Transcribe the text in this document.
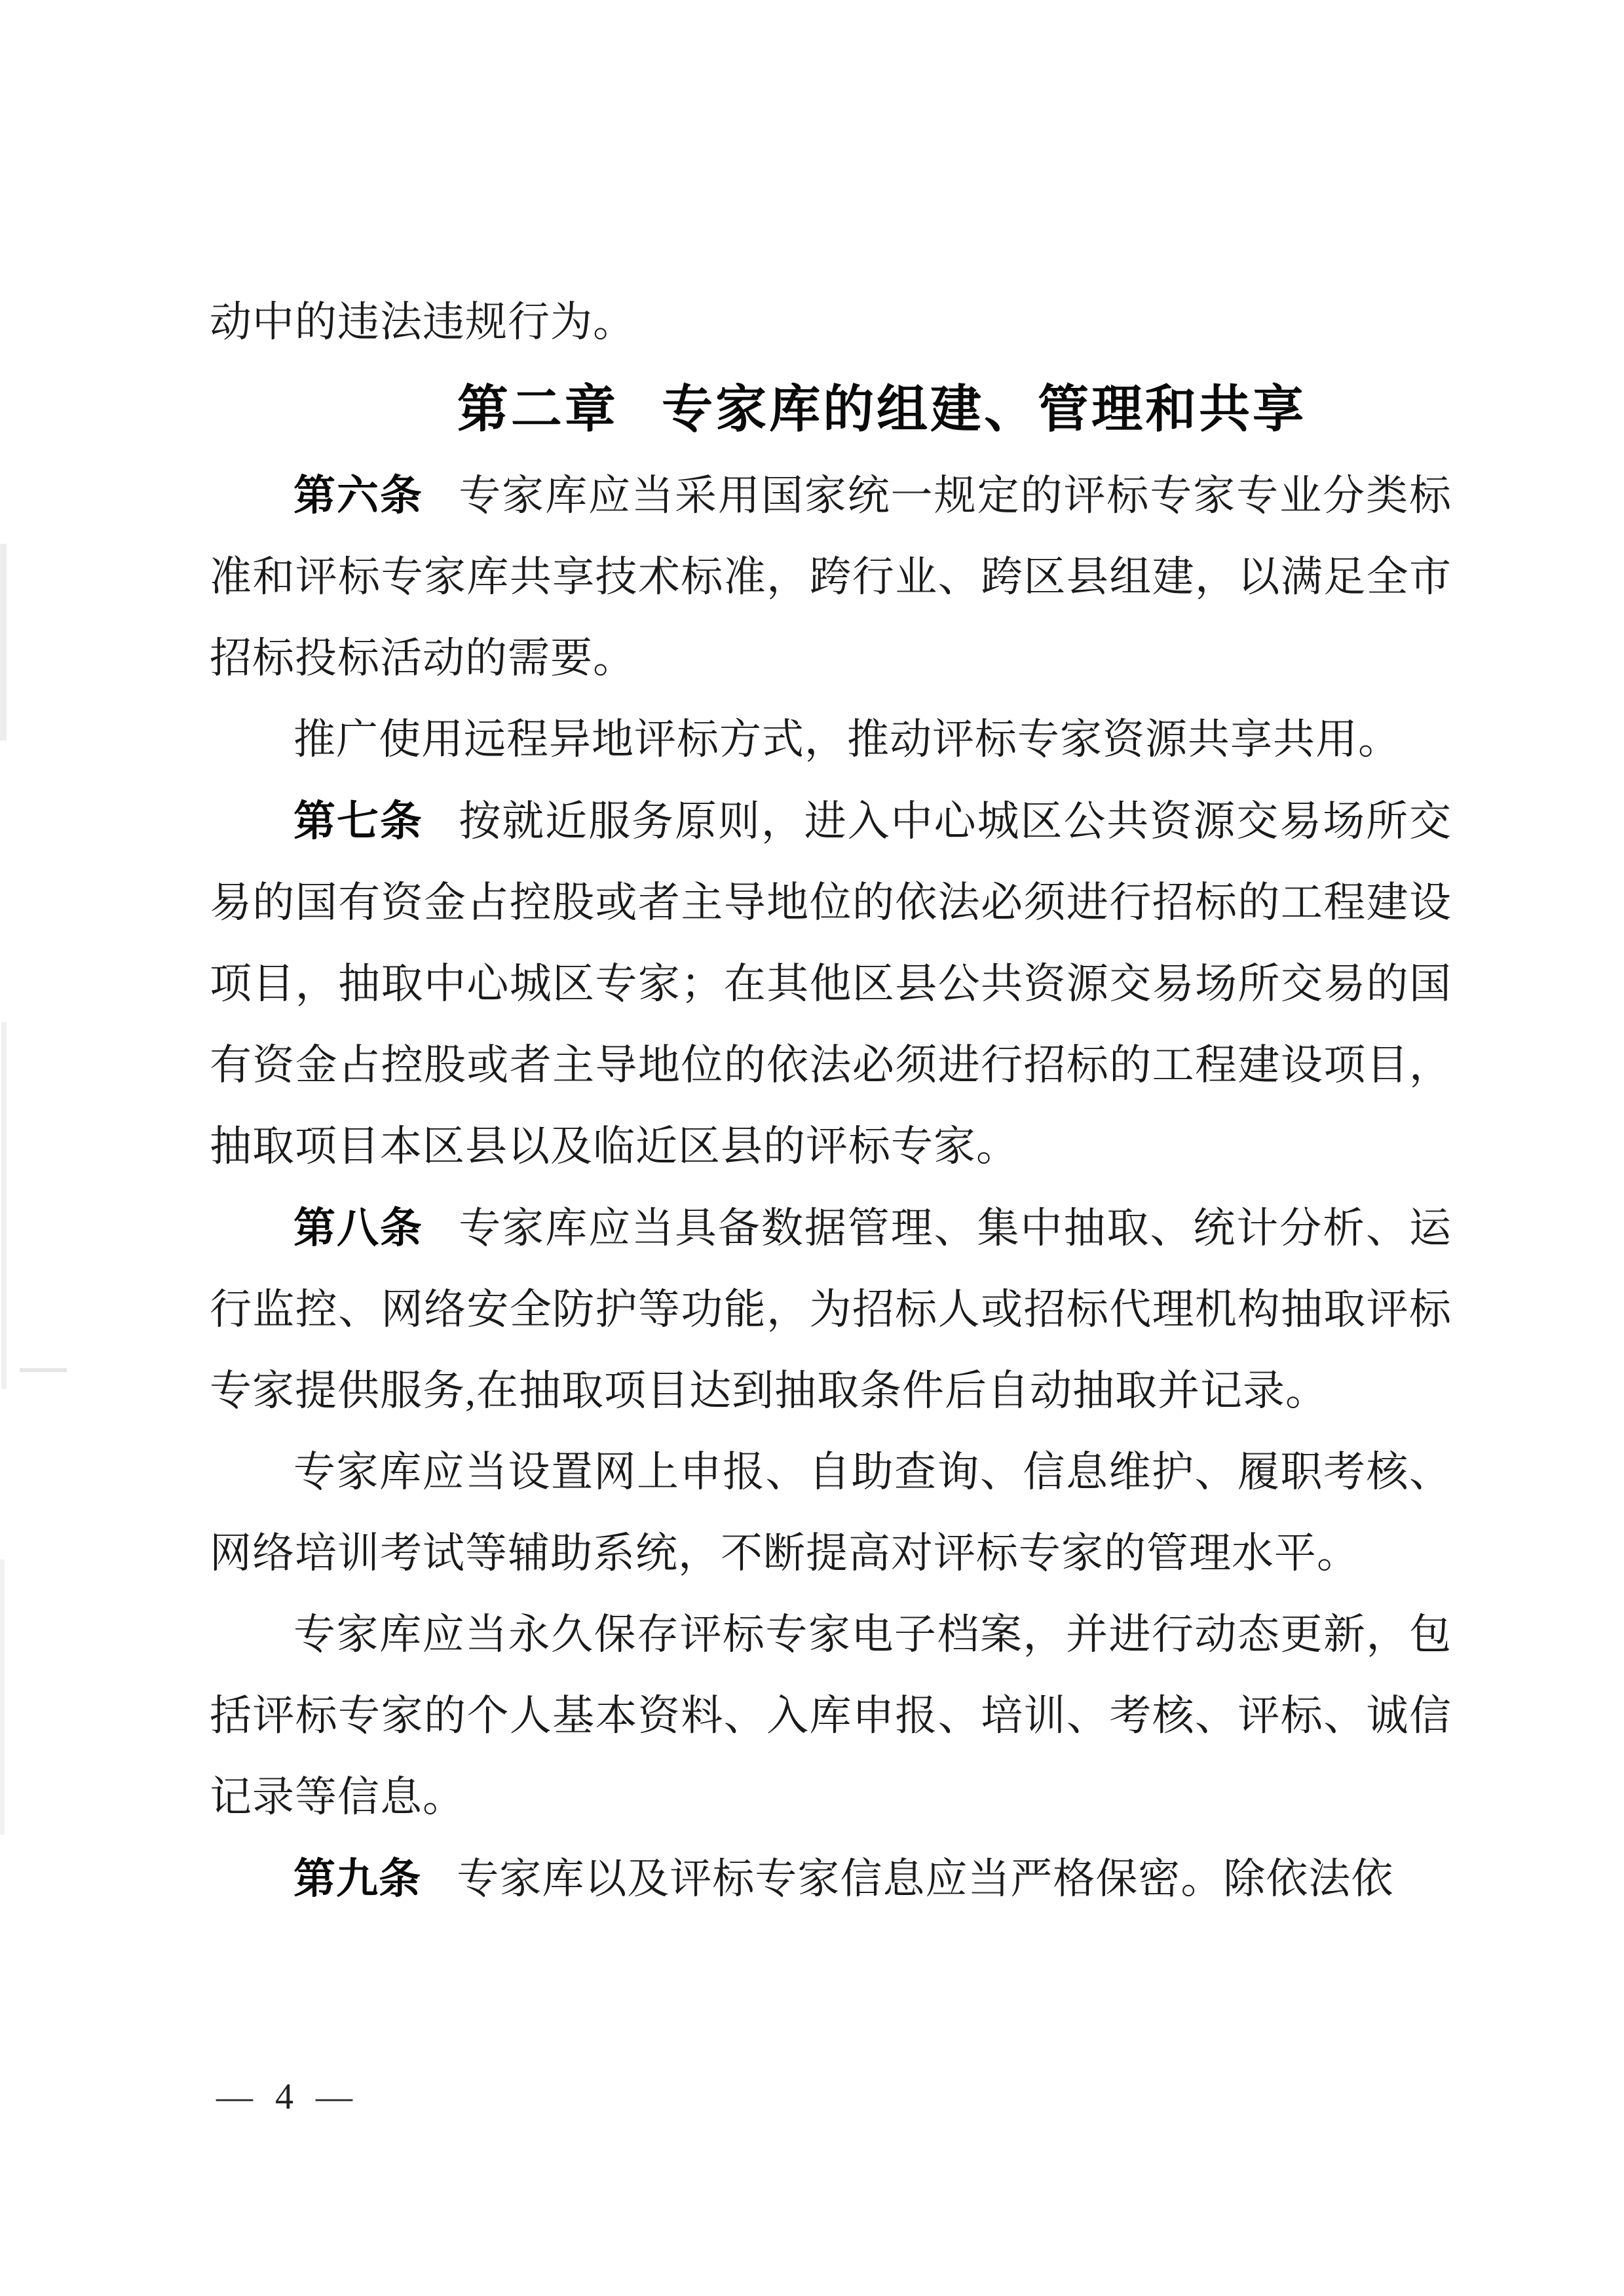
动中的违法违规行为。

第二章 专家库的组建、管理和共享

第六条 专家库应当采用国家统一规定的评标专家专业分类标准和评标专家库共享技术标准，跨行业、跨区县组建，以满足全市招标投标活动的需要。

推广使用远程异地评标方式，推动评标专家资源共享共用。

第七条 按就近服务原则，进入中心城区公共资源交易场所交易的国有资金占控股或者主导地位的依法必须进行招标的工程建设项目，抽取中心城区专家；在其他区县公共资源交易场所交易的国有资金占控股或者主导地位的依法必须进行招标的工程建设项目，抽取项目本区县以及临近区县的评标专家。

第八条 专家库应当具备数据管理、集中抽取、统计分析、运行监控、网络安全防护等功能，为招标人或招标代理机构抽取评标专家提供服务,在抽取项目达到抽取条件后自动抽取并记录。

专家库应当设置网上申报、自助查询、信息维护、履职考核、网络培训考试等辅助系统，不断提高对评标专家的管理水平。

专家库应当永久保存评标专家电子档案，并进行动态更新，包括评标专家的个人基本资料、入库申报、培训、考核、评标、诚信记录等信息。

第九条 专家库以及评标专家信息应当严格保密。除依法依

— 4 —
